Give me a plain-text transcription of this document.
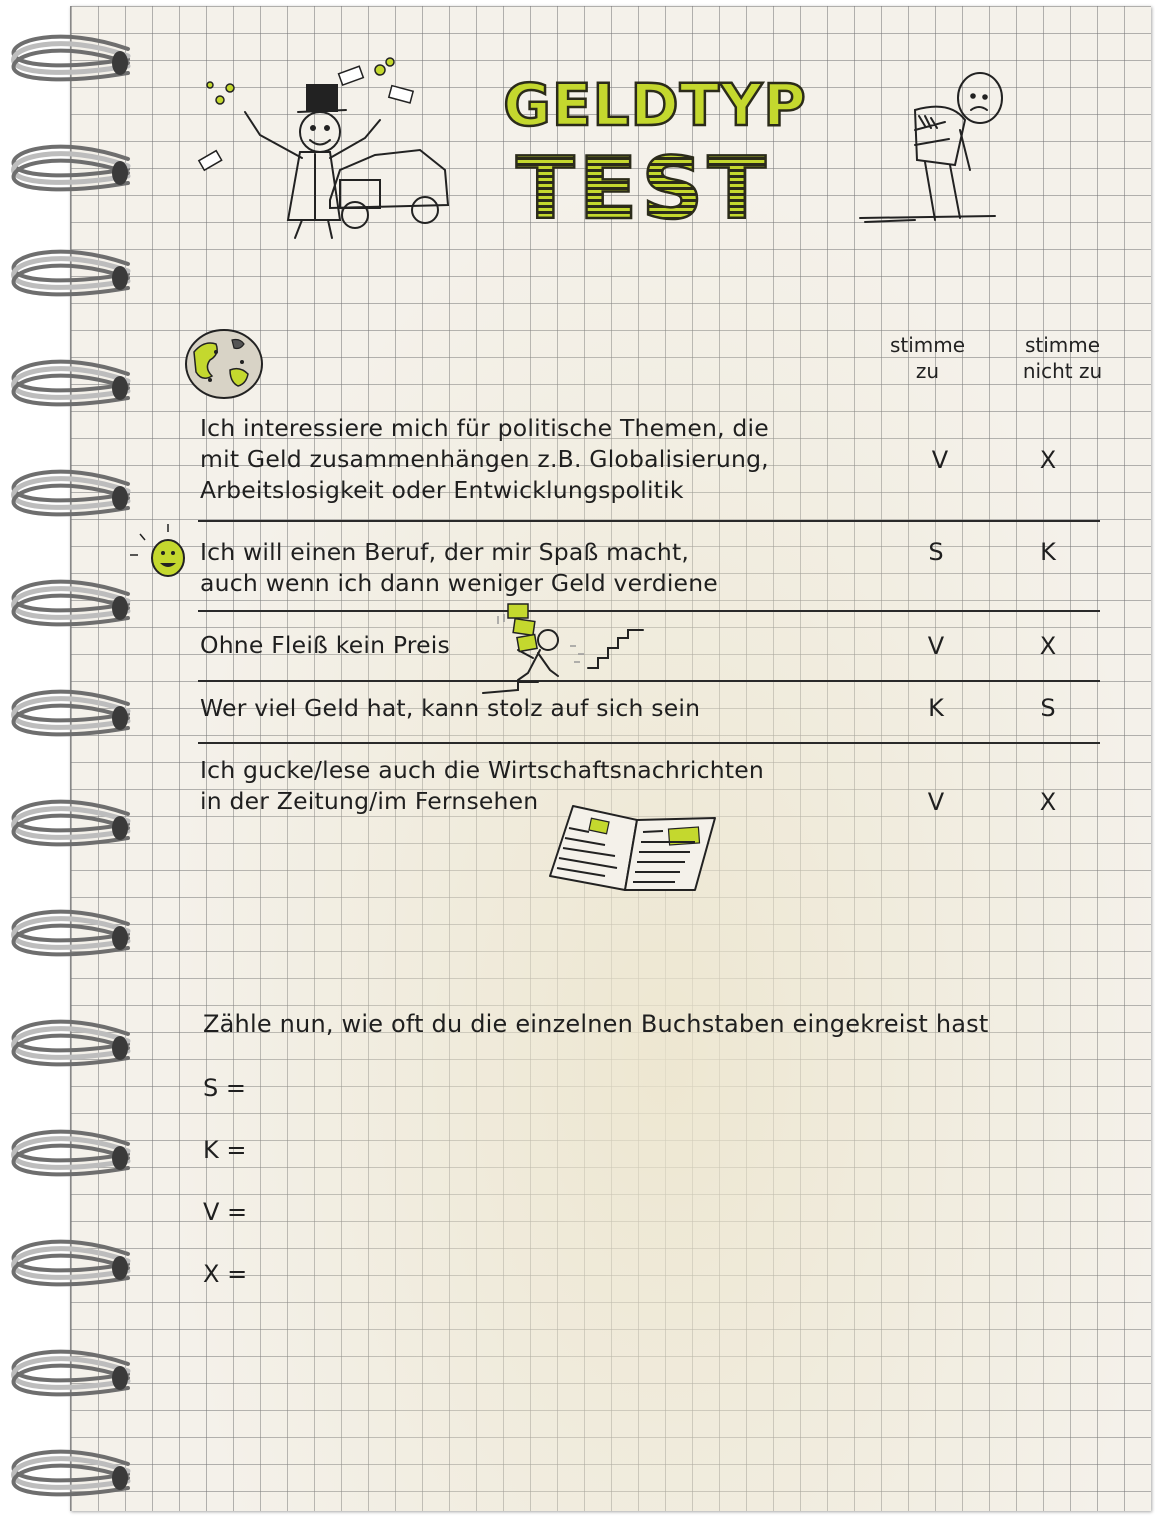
GELDTYP
TEST
stimme
zu
stimme
nicht zu
Ich interessiere mich für politische Themen, die
mit Geld zusammenhängen z.B. Globalisierung,
Arbeitslosigkeit oder Entwicklungspolitik
V	X
Ich will einen Beruf, der mir Spaß macht,
auch wenn ich dann weniger Geld verdiene
S	K
Ohne Fleiß kein Preis	V	X
Wer viel Geld hat, kann stolz auf sich sein	K	S
Ich gucke/lese auch die Wirtschaftsnachrichten
in der Zeitung/im Fernsehen	V	X
Zähle nun, wie oft du die einzelnen Buchstaben eingekreist hast
S =
K =
V =
X =
